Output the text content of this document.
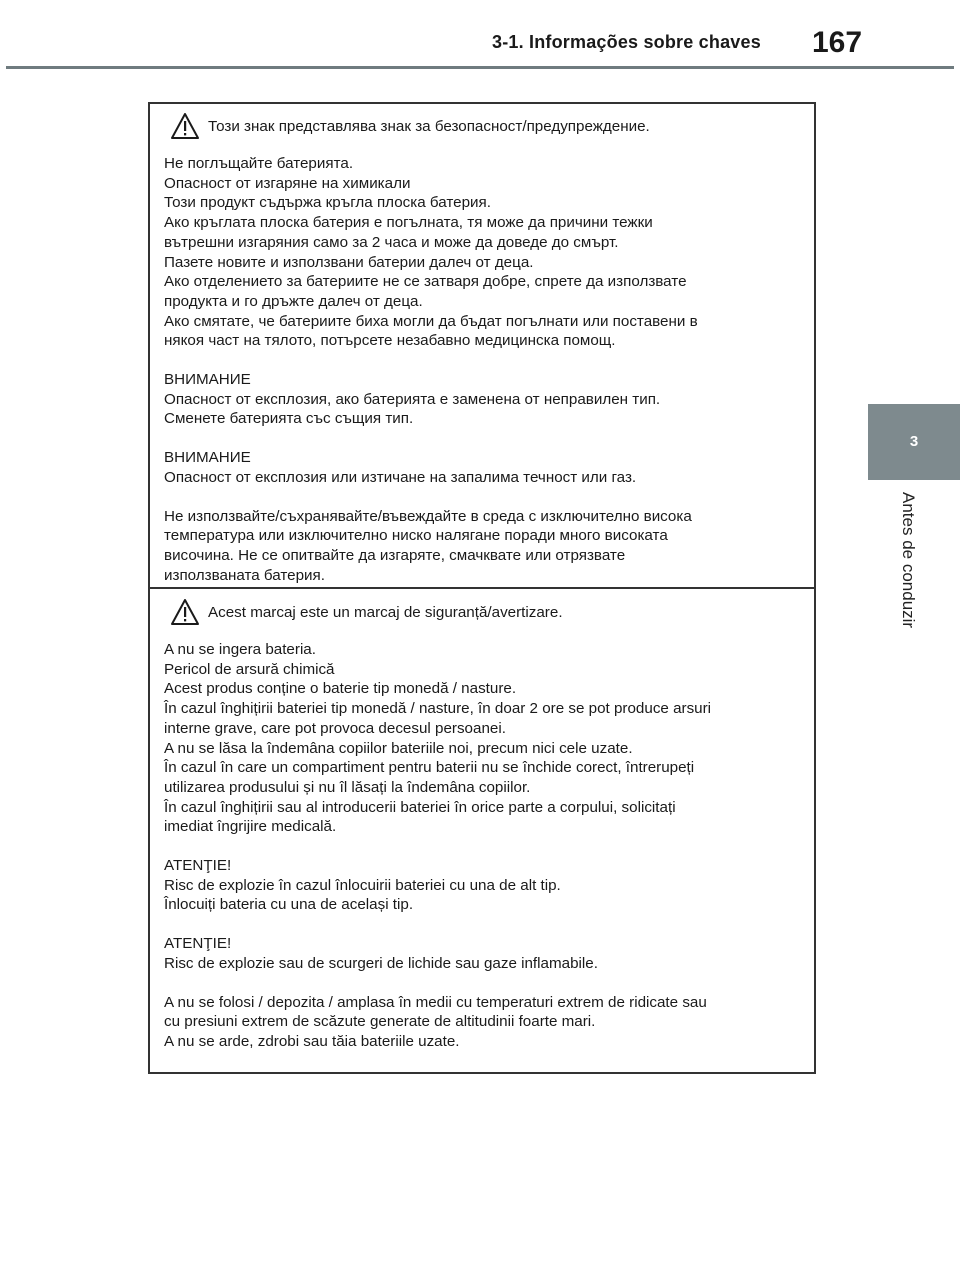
3-1. Informações sobre chaves 167
3
Antes de conduzir
Този знак представлява знак за безопасност/предупреждение.
Не поглъщайте батерията.
Опасност от изгаряне на химикали
Този продукт съдържа кръгла плоска батерия.
Ако кръглата плоска батерия е погълната, тя може да причини тежки
вътрешни изгаряния само за 2 часа и може да доведе до смърт.
Пазете новите и използвани батерии далеч от деца.
Ако отделението за батериите не се затваря добре, спрете да използвате
продукта и го дръжте далеч от деца.
Ако смятате, че батериите биха могли да бъдат погълнати или поставени в
някоя част на тялото, потърсете незабавно медицинска помощ.
ВНИМАНИЕ
Опасност от експлозия, ако батерията е заменена от неправилен тип.
Сменете батерията със същия тип.
ВНИМАНИЕ
Опасност от експлозия или изтичане на запалима течност или газ.
Не използвайте/съхранявайте/въвеждайте в среда с изключително висока
температура или изключително ниско налягане поради много високата
височина. Не се опитвайте да изгаряте, смачквате или отрязвате
използваната батерия.
Acest marcaj este un marcaj de siguranță/avertizare.
A nu se ingera bateria.
Pericol de arsură chimică
Acest produs conține o baterie tip monedă / nasture.
În cazul înghițirii bateriei tip monedă / nasture, în doar 2 ore se pot produce arsuri
interne grave, care pot provoca decesul persoanei.
A nu se lăsa la îndemâna copiilor bateriile noi, precum nici cele uzate.
În cazul în care un compartiment pentru baterii nu se închide corect, întrerupeți
utilizarea produsului și nu îl lăsați la îndemâna copiilor.
În cazul înghițirii sau al introducerii bateriei în orice parte a corpului, solicitați
imediat îngrijire medicală.
ATENŢIE!
Risc de explozie în cazul înlocuirii bateriei cu una de alt tip.
Înlocuiți bateria cu una de același tip.
ATENŢIE!
Risc de explozie sau de scurgeri de lichide sau gaze inflamabile.
A nu se folosi / depozita / amplasa în medii cu temperaturi extrem de ridicate sau
cu presiuni extrem de scăzute generate de altitudinii foarte mari.
A nu se arde, zdrobi sau tăia bateriile uzate.
